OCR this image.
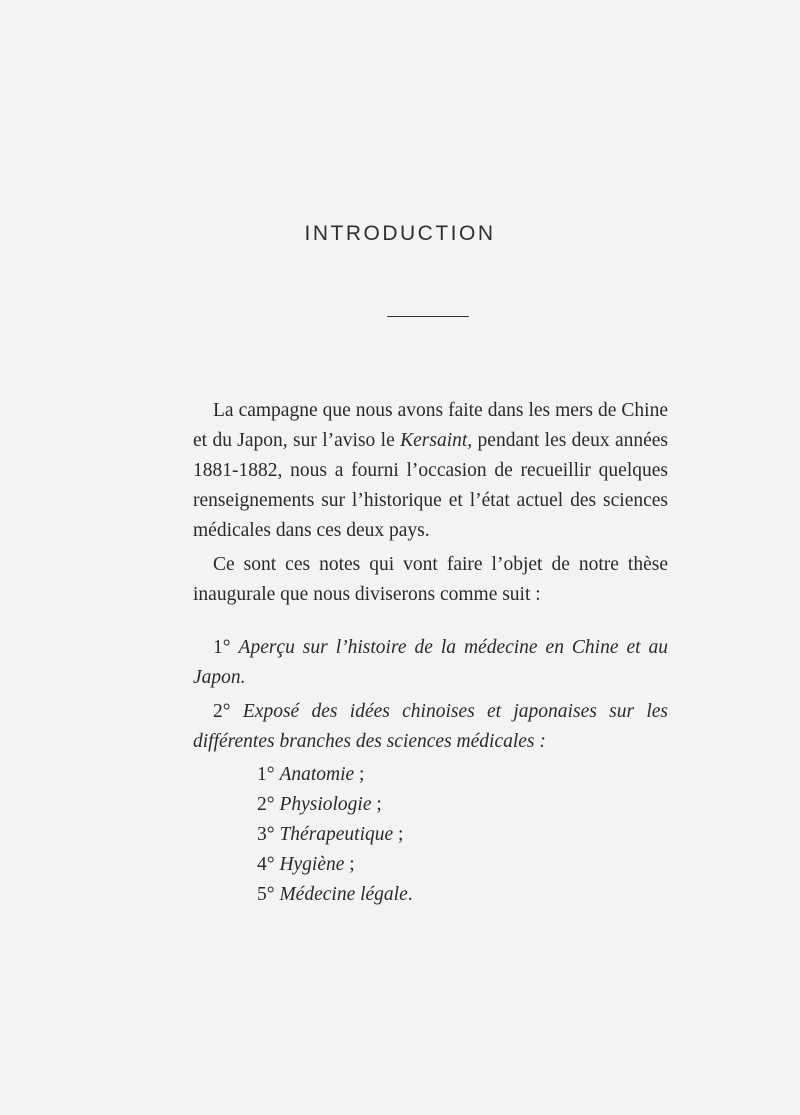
INTRODUCTION

La campagne que nous avons faite dans les mers de Chine et du Japon, sur l’aviso le Kersaint, pendant les deux années 1881-1882, nous a fourni l’occasion de recueillir quelques renseignements sur l’historique et l’état actuel des sciences médicales dans ces deux pays.

Ce sont ces notes qui vont faire l’objet de notre thèse inaugurale que nous diviserons comme suit :

1° Aperçu sur l’histoire de la médecine en Chine et au Japon.

2° Exposé des idées chinoises et japonaises sur les différentes branches des sciences médicales :

1° Anatomie ;
2° Physiologie ;
3° Thérapeutique ;
4° Hygiène ;
5° Médecine légale.
